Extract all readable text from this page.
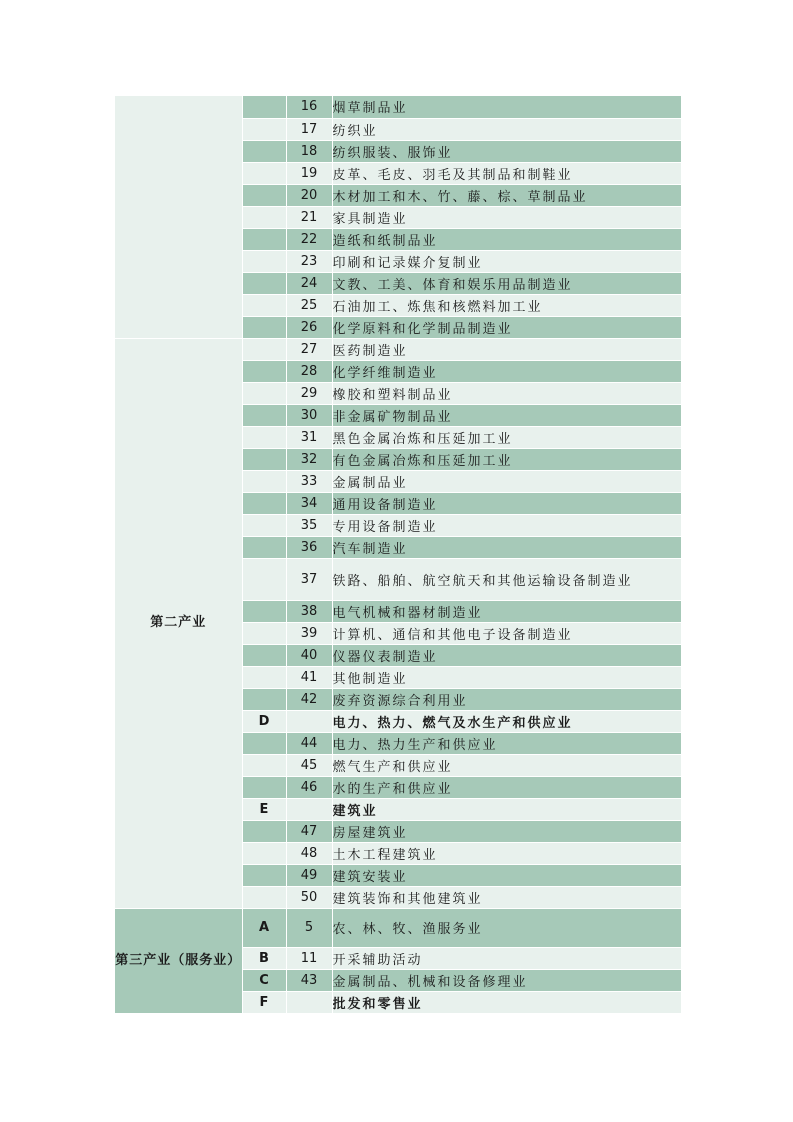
		16	烟草制品业
		17	纺织业
		18	纺织服装、服饰业
		19	皮革、毛皮、羽毛及其制品和制鞋业
		20	木材加工和木、竹、藤、棕、草制品业
		21	家具制造业
		22	造纸和纸制品业
		23	印刷和记录媒介复制业
		24	文教、工美、体育和娱乐用品制造业
		25	石油加工、炼焦和核燃料加工业
		26	化学原料和化学制品制造业
第二产业		27	医药制造业
		28	化学纤维制造业
		29	橡胶和塑料制品业
		30	非金属矿物制品业
		31	黑色金属冶炼和压延加工业
		32	有色金属冶炼和压延加工业
		33	金属制品业
		34	通用设备制造业
		35	专用设备制造业
		36	汽车制造业
		37	铁路、船舶、航空航天和其他运输设备制造业
		38	电气机械和器材制造业
		39	计算机、通信和其他电子设备制造业
		40	仪器仪表制造业
		41	其他制造业
		42	废弃资源综合利用业
	D		电力、热力、燃气及水生产和供应业
		44	电力、热力生产和供应业
		45	燃气生产和供应业
		46	水的生产和供应业
	E		建筑业
		47	房屋建筑业
		48	土木工程建筑业
		49	建筑安装业
		50	建筑装饰和其他建筑业
第三产业（服务业）	A	5	农、林、牧、渔服务业
	B	11	开采辅助活动
	C	43	金属制品、机械和设备修理业
	F		批发和零售业
